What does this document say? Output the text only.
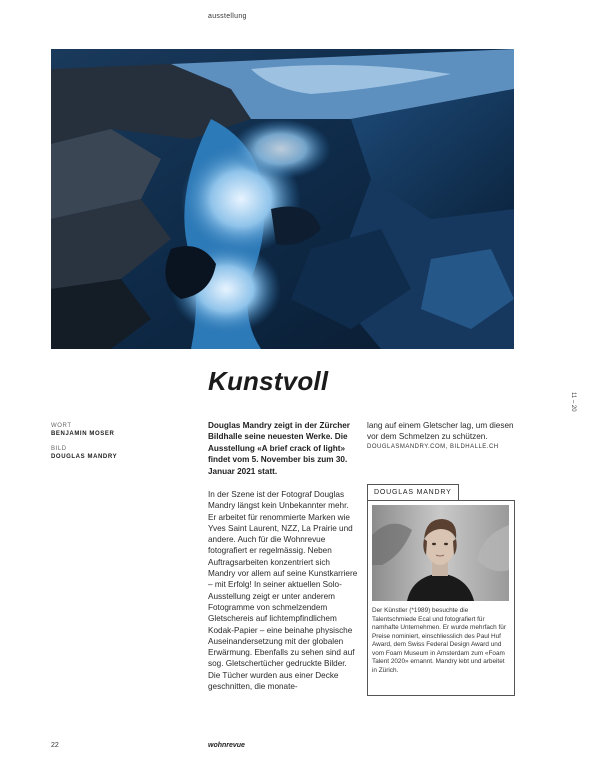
ausstellung
Kunstvoll
11 – 20
WORT
BENJAMIN MOSER
BILD
DOUGLAS MANDRY

Douglas Mandry zeigt in der Zürcher Bildhalle seine neuesten Werke. Die Ausstellung «A brief crack of light» findet vom 5. November bis zum 30. Januar 2021 statt.

In der Szene ist der Fotograf Douglas Mandry längst kein Unbekannter mehr. Er arbeitet für renommierte Marken wie Yves Saint Laurent, NZZ, La Prairie und andere. Auch für die Wohnrevue fotografiert er regelmässig. Neben Auftragsarbeiten konzentriert sich Mandry vor allem auf seine Kunstkarriere – mit Erfolg! In seiner aktuellen Solo-Ausstellung zeigt er unter anderem Fotogramme von schmelzendem Gletschereis auf lichtempfindlichem Kodak-Papier – eine beinahe physische Auseinandersetzung mit der globalen Erwärmung. Ebenfalls zu sehen sind auf sog. Gletschertücher gedruckte Bilder. Die Tücher wurden aus einer Decke geschnitten, die monate-

lang auf einem Gletscher lag, um diesen vor dem Schmelzen zu schützen.

DOUGLASMANDRY.COM, BILDHALLE.CH
DOUGLAS MANDRY

Der Künstler (*1989) besuchte die Talentschmiede Ecal und fotografiert für namhafte Unternehmen. Er wurde mehrfach für Preise nominiert, einschliesslich des Paul Huf Award, dem Swiss Federal Design Award und vom Foam Museum in Amsterdam zum «Foam Talent 2020» ernannt. Mandry lebt und arbeitet in Zürich.

22	wohnrevue
